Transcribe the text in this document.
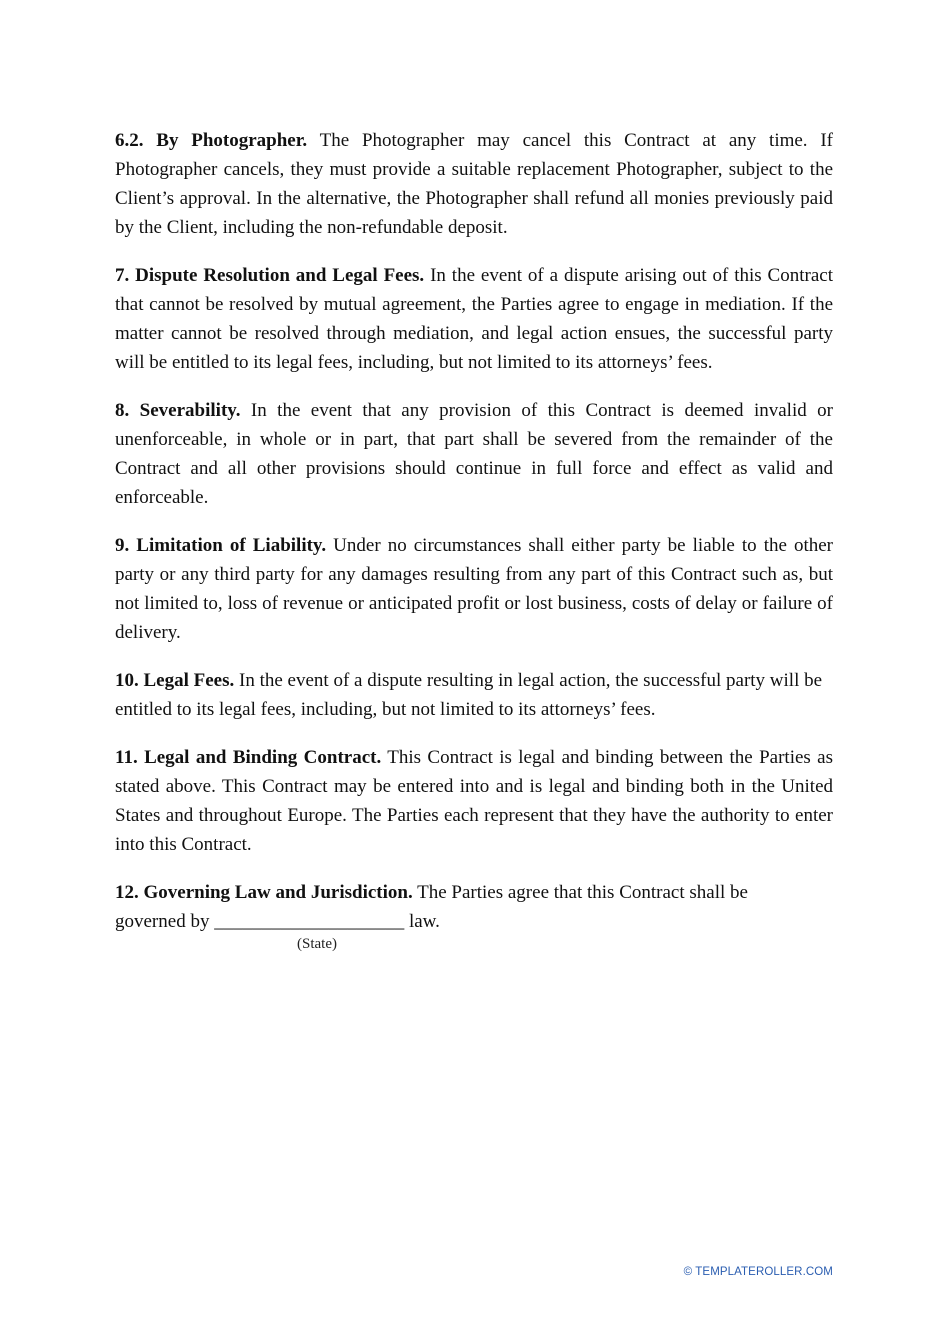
6.2. By Photographer. The Photographer may cancel this Contract at any time. If Photographer cancels, they must provide a suitable replacement Photographer, subject to the Client’s approval. In the alternative, the Photographer shall refund all monies previously paid by the Client, including the non-refundable deposit.

7. Dispute Resolution and Legal Fees. In the event of a dispute arising out of this Contract that cannot be resolved by mutual agreement, the Parties agree to engage in mediation. If the matter cannot be resolved through mediation, and legal action ensues, the successful party will be entitled to its legal fees, including, but not limited to its attorneys’ fees.

8. Severability. In the event that any provision of this Contract is deemed invalid or unenforceable, in whole or in part, that part shall be severed from the remainder of the Contract and all other provisions should continue in full force and effect as valid and enforceable.

9. Limitation of Liability. Under no circumstances shall either party be liable to the other party or any third party for any damages resulting from any part of this Contract such as, but not limited to, loss of revenue or anticipated profit or lost business, costs of delay or failure of delivery.

10. Legal Fees. In the event of a dispute resulting in legal action, the successful party will be entitled to its legal fees, including, but not limited to its attorneys’ fees.

11. Legal and Binding Contract. This Contract is legal and binding between the Parties as stated above. This Contract may be entered into and is legal and binding both in the United States and throughout Europe. The Parties each represent that they have the authority to enter into this Contract.

12. Governing Law and Jurisdiction. The Parties agree that this Contract shall be
governed by ____________________ law.

(State)
© TEMPLATEROLLER.COM
